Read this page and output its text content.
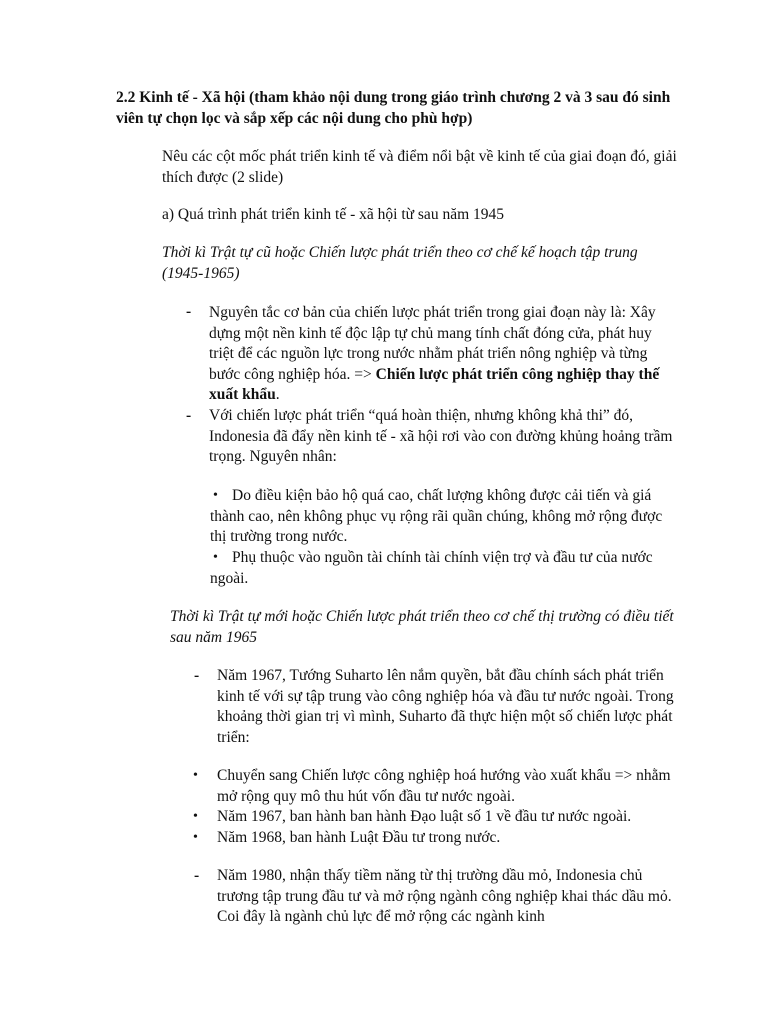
2.2 Kinh tế - Xã hội (tham khảo nội dung trong giáo trình chương 2 và 3 sau đó sinh viên tự chọn lọc và sắp xếp các nội dung cho phù hợp)
Nêu các cột mốc phát triển kinh tế và điểm nổi bật về kinh tế của giai đoạn đó, giải thích được (2 slide)
a) Quá trình phát triển kinh tế - xã hội từ sau năm 1945
Thời kì Trật tự cũ hoặc Chiến lược phát triển theo cơ chế kế hoạch tập trung (1945-1965)
- Nguyên tắc cơ bản của chiến lược phát triển trong giai đoạn này là: Xây dựng một nền kinh tế độc lập tự chủ mang tính chất đóng cửa, phát huy triệt để các nguồn lực trong nước nhằm phát triển nông nghiệp và từng bước công nghiệp hóa. => Chiến lược phát triển công nghiệp thay thế xuất khẩu.
- Với chiến lược phát triển “quá hoàn thiện, nhưng không khả thi” đó, Indonesia đã đẩy nền kinh tế - xã hội rơi vào con đường khủng hoảng trầm trọng. Nguyên nhân:
• Do điều kiện bảo hộ quá cao, chất lượng không được cải tiến và giá thành cao, nên không phục vụ rộng rãi quần chúng, không mở rộng được thị trường trong nước.
• Phụ thuộc vào nguồn tài chính tài chính viện trợ và đầu tư của nước ngoài.
Thời kì Trật tự mới hoặc Chiến lược phát triển theo cơ chế thị trường có điều tiết sau năm 1965
- Năm 1967, Tướng Suharto lên nắm quyền, bắt đầu chính sách phát triển kinh tế với sự tập trung vào công nghiệp hóa và đầu tư nước ngoài. Trong khoảng thời gian trị vì mình, Suharto đã thực hiện một số chiến lược phát triển:
• Chuyển sang Chiến lược công nghiệp hoá hướng vào xuất khẩu => nhằm mở rộng quy mô thu hút vốn đầu tư nước ngoài.
• Năm 1967, ban hành ban hành Đạo luật số 1 về đầu tư nước ngoài.
• Năm 1968, ban hành Luật Đầu tư trong nước.
- Năm 1980, nhận thấy tiềm năng từ thị trường dầu mỏ, Indonesia chủ trương tập trung đầu tư và mở rộng ngành công nghiệp khai thác dầu mỏ. Coi đây là ngành chủ lực để mở rộng các ngành kinh
